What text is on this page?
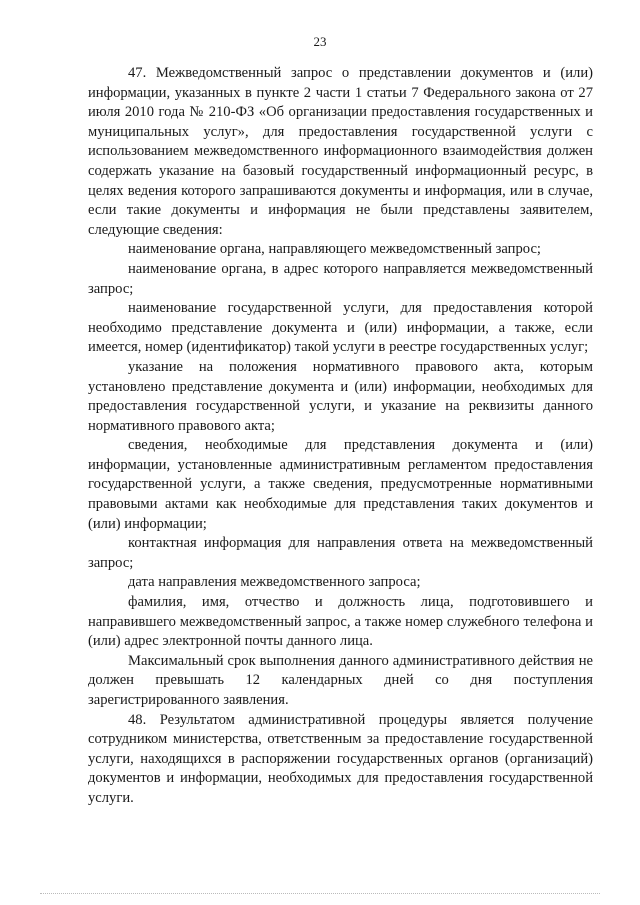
23

47. Межведомственный запрос о представлении документов и (или) информации, указанных в пункте 2 части 1 статьи 7 Федерального закона от 27 июля 2010 года № 210-ФЗ «Об организации предоставления государственных и муниципальных услуг», для предоставления государственной услуги с использованием межведомственного информационного взаимодействия должен содержать указание на базовый государственный информационный ресурс, в целях ведения которого запрашиваются документы и информация, или в случае, если такие документы и информация не были представлены заявителем, следующие сведения:

наименование органа, направляющего межведомственный запрос;

наименование органа, в адрес которого направляется межведомственный запрос;

наименование государственной услуги, для предоставления которой необходимо представление документа и (или) информации, а также, если имеется, номер (идентификатор) такой услуги в реестре государственных услуг;

указание на положения нормативного правового акта, которым установлено представление документа и (или) информации, необходимых для предоставления государственной услуги, и указание на реквизиты данного нормативного правового акта;

сведения, необходимые для представления документа и (или) информации, установленные административным регламентом предоставления государственной услуги, а также сведения, предусмотренные нормативными правовыми актами как необходимые для представления таких документов и (или) информации;

контактная информация для направления ответа на межведомственный запрос;

дата направления межведомственного запроса;

фамилия, имя, отчество и должность лица, подготовившего и направившего межведомственный запрос, а также номер служебного телефона и (или) адрес электронной почты данного лица.

Максимальный срок выполнения данного административного действия не должен превышать 12 календарных дней со дня поступления зарегистрированного заявления.

48. Результатом административной процедуры является получение сотрудником министерства, ответственным за предоставление государственной услуги, находящихся в распоряжении государственных органов (организаций) документов и информации, необходимых для предоставления государственной услуги.
